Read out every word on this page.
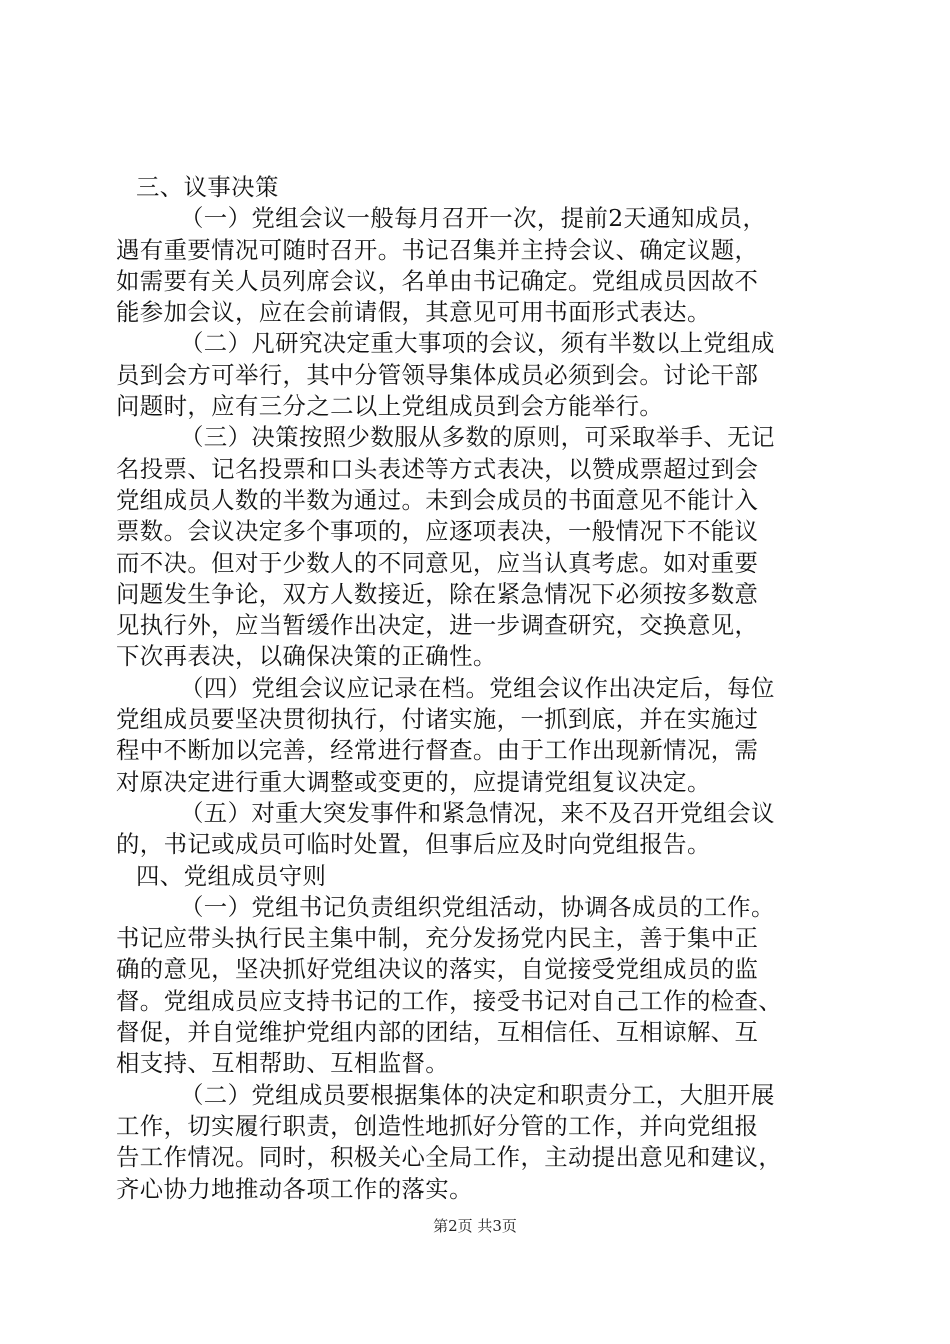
三、议事决策
（一）党组会议一般每月召开一次，提前2天通知成员，
遇有重要情况可随时召开。书记召集并主持会议、确定议题，
如需要有关人员列席会议，名单由书记确定。党组成员因故不
能参加会议，应在会前请假，其意见可用书面形式表达。
（二）凡研究决定重大事项的会议，须有半数以上党组成
员到会方可举行，其中分管领导集体成员必须到会。讨论干部
问题时，应有三分之二以上党组成员到会方能举行。
（三）决策按照少数服从多数的原则，可采取举手、无记
名投票、记名投票和口头表述等方式表决，以赞成票超过到会
党组成员人数的半数为通过。未到会成员的书面意见不能计入
票数。会议决定多个事项的，应逐项表决，一般情况下不能议
而不决。但对于少数人的不同意见，应当认真考虑。如对重要
问题发生争论，双方人数接近，除在紧急情况下必须按多数意
见执行外，应当暂缓作出决定，进一步调查研究，交换意见，
下次再表决，以确保决策的正确性。
（四）党组会议应记录在档。党组会议作出决定后，每位
党组成员要坚决贯彻执行，付诸实施，一抓到底，并在实施过
程中不断加以完善，经常进行督查。由于工作出现新情况，需
对原决定进行重大调整或变更的，应提请党组复议决定。
（五）对重大突发事件和紧急情况，来不及召开党组会议
的，书记或成员可临时处置，但事后应及时向党组报告。
四、党组成员守则
（一）党组书记负责组织党组活动，协调各成员的工作。
书记应带头执行民主集中制，充分发扬党内民主，善于集中正
确的意见，坚决抓好党组决议的落实，自觉接受党组成员的监
督。党组成员应支持书记的工作，接受书记对自己工作的检查、
督促，并自觉维护党组内部的团结，互相信任、互相谅解、互
相支持、互相帮助、互相监督。
（二）党组成员要根据集体的决定和职责分工，大胆开展
工作，切实履行职责，创造性地抓好分管的工作，并向党组报
告工作情况。同时，积极关心全局工作，主动提出意见和建议，
齐心协力地推动各项工作的落实。
第2页 共3页
